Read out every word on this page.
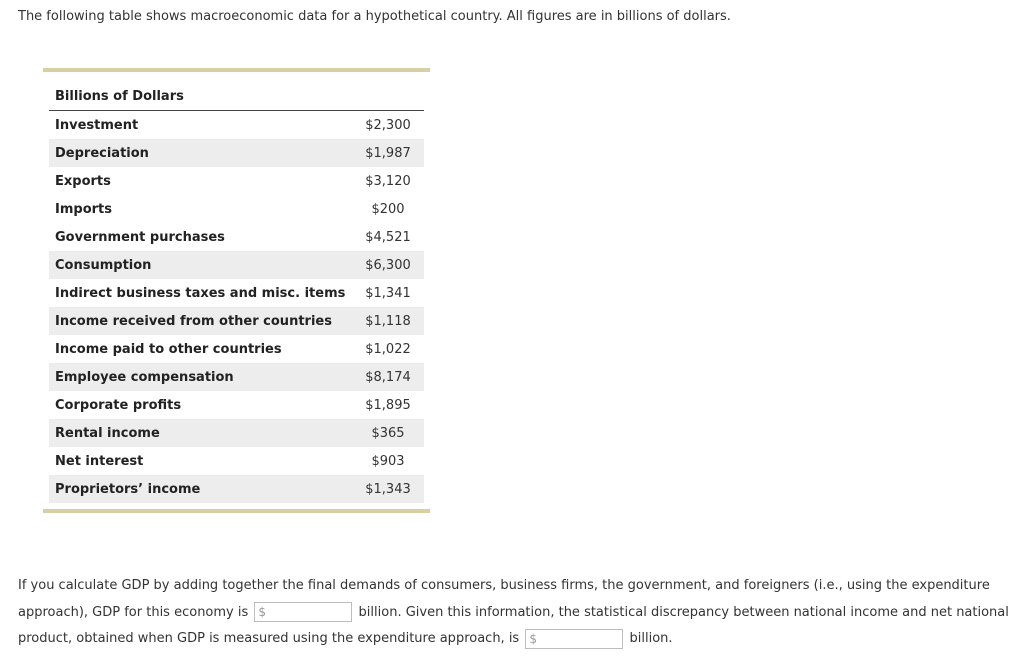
The following table shows macroeconomic data for a hypothetical country. All figures are in billions of dollars.

Billions of Dollars	
Investment	$2,300
Depreciation	$1,987
Exports	$3,120
Imports	$200
Government purchases	$4,521
Consumption	$6,300
Indirect business taxes and misc. items	$1,341
Income received from other countries	$1,118
Income paid to other countries	$1,022
Employee compensation	$8,174
Corporate profits	$1,895
Rental income	$365
Net interest	$903
Proprietors’ income	$1,343

If you calculate GDP by adding together the final demands of consumers, business firms, the government, and foreigners (i.e., using the expenditure approach), GDP for this economy is $	billion. Given this information, the statistical discrepancy between national income and net national product, obtained when GDP is measured using the expenditure approach, is $	billion.
